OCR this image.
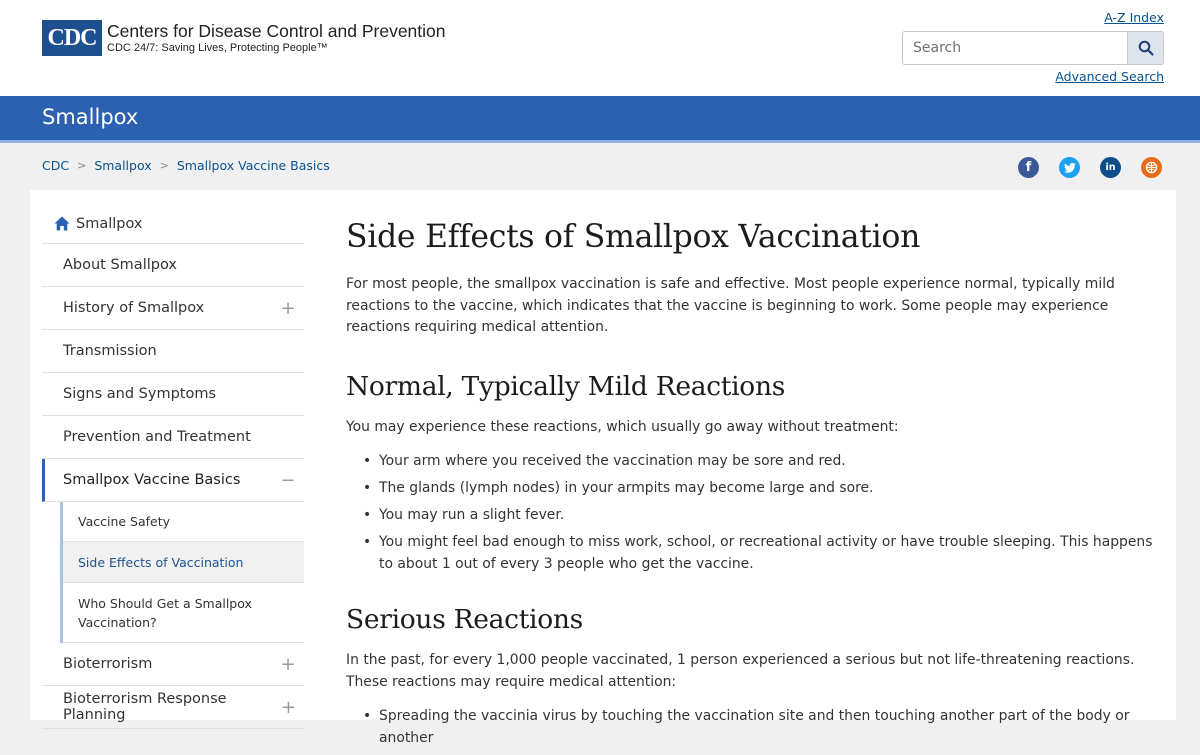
CDC Centers for Disease Control and Prevention
CDC 24/7: Saving Lives, Protecting People™
A-Z Index
Search
Advanced Search
Smallpox
CDC > Smallpox > Smallpox Vaccine Basics	f	in
Smallpox
About Smallpox
History of Smallpox	+
Transmission
Signs and Symptoms
Prevention and Treatment
Smallpox Vaccine Basics −
Vaccine Safety
Side Effects of Vaccination
Who Should Get a Smallpox Vaccination?
Bioterrorism	+
Bioterrorism Response Planning	+
Side Effects of Smallpox Vaccination

For most people, the smallpox vaccination is safe and effective. Most people experience normal, typically mild reactions to the vaccine, which indicates that the vaccine is beginning to work. Some people may experience reactions requiring medical attention.

Normal, Typically Mild Reactions

You may experience these reactions, which usually go away without treatment:

• Your arm where you received the vaccination may be sore and red.
• The glands (lymph nodes) in your armpits may become large and sore.
• You may run a slight fever.
• You might feel bad enough to miss work, school, or recreational activity or have trouble sleeping. This happens to about 1 out of every 3 people who get the vaccine.
Serious Reactions

In the past, for every 1,000 people vaccinated, 1 person experienced a serious but not life-threatening reactions. These reactions may require medical attention:

• Spreading the vaccinia virus by touching the vaccination site and then touching another part of the body or another
